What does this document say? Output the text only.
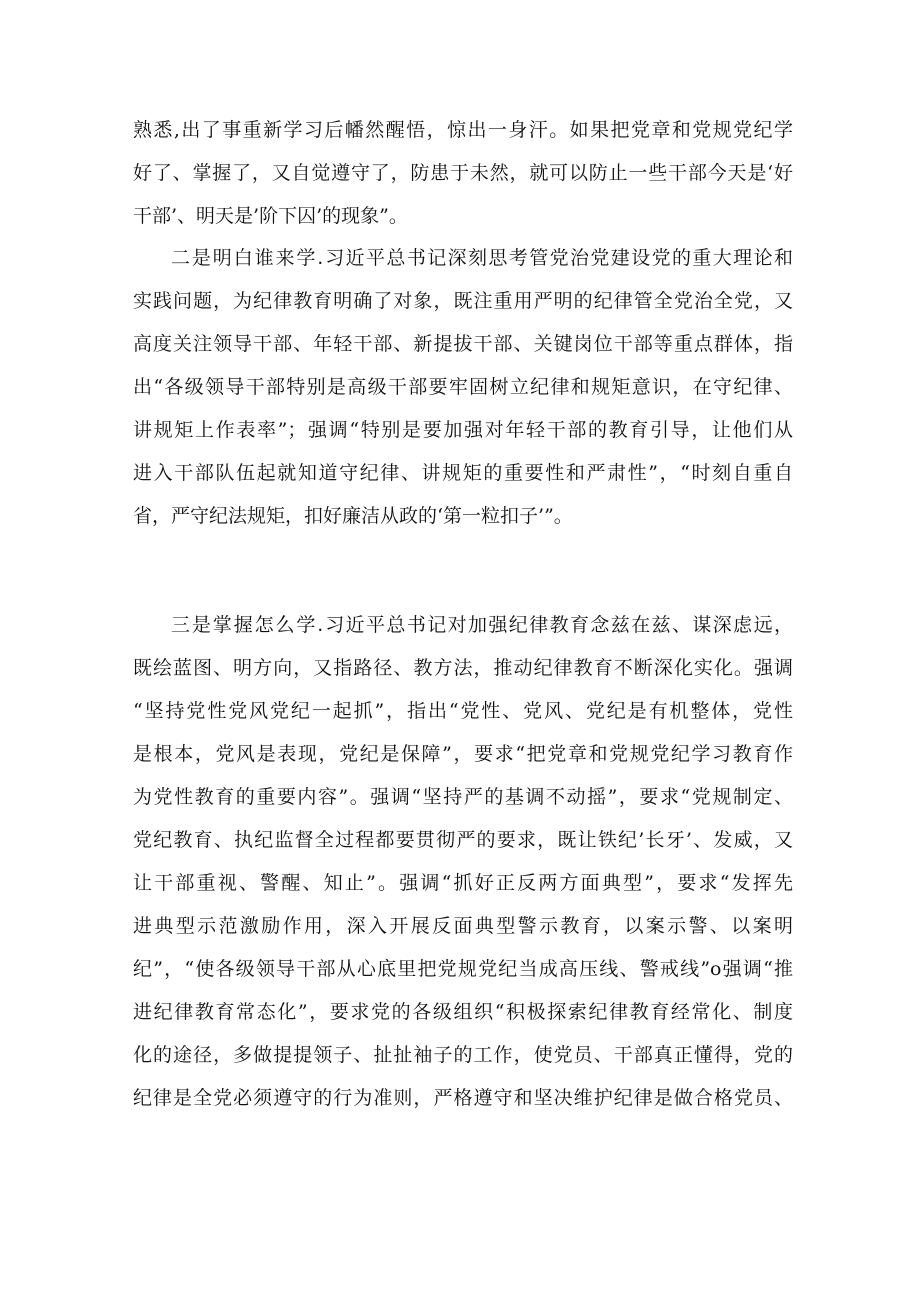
熟悉,出了事重新学习后幡然醒悟，惊出一身汗。如果把党章和党规党纪学
好了、掌握了，又自觉遵守了，防患于未然，就可以防止一些干部今天是‘好
干部’、明天是’阶下囚’的现象”。

二是明白谁来学.习近平总书记深刻思考管党治党建设党的重大理论和
实践问题，为纪律教育明确了对象，既注重用严明的纪律管全党治全党，又
高度关注领导干部、年轻干部、新提拔干部、关键岗位干部等重点群体，指
出“各级领导干部特别是高级干部要牢固树立纪律和规矩意识，在守纪律、
讲规矩上作表率”；强调“特别是要加强对年轻干部的教育引导，让他们从
进入干部队伍起就知道守纪律、讲规矩的重要性和严肃性”，“时刻自重自
省，严守纪法规矩，扣好廉洁从政的‘第一粒扣子’”。

三是掌握怎么学.习近平总书记对加强纪律教育念兹在兹、谋深虑远，
既绘蓝图、明方向，又指路径、教方法，推动纪律教育不断深化实化。强调
“坚持党性党风党纪一起抓”，指出“党性、党风、党纪是有机整体，党性
是根本，党风是表现，党纪是保障”，要求“把党章和党规党纪学习教育作
为党性教育的重要内容”。强调“坚持严的基调不动摇”，要求“党规制定、
党纪教育、执纪监督全过程都要贯彻严的要求，既让铁纪’长牙’、发威，又
让干部重视、警醒、知止”。强调“抓好正反两方面典型”，要求“发挥先
进典型示范激励作用，深入开展反面典型警示教育，以案示警、以案明
纪”，“使各级领导干部从心底里把党规党纪当成高压线、警戒线”o强调“推
进纪律教育常态化”，要求党的各级组织“积极探索纪律教育经常化、制度
化的途径，多做提提领子、扯扯袖子的工作，使党员、干部真正懂得，党的
纪律是全党必须遵守的行为准则，严格遵守和坚决维护纪律是做合格党员、
